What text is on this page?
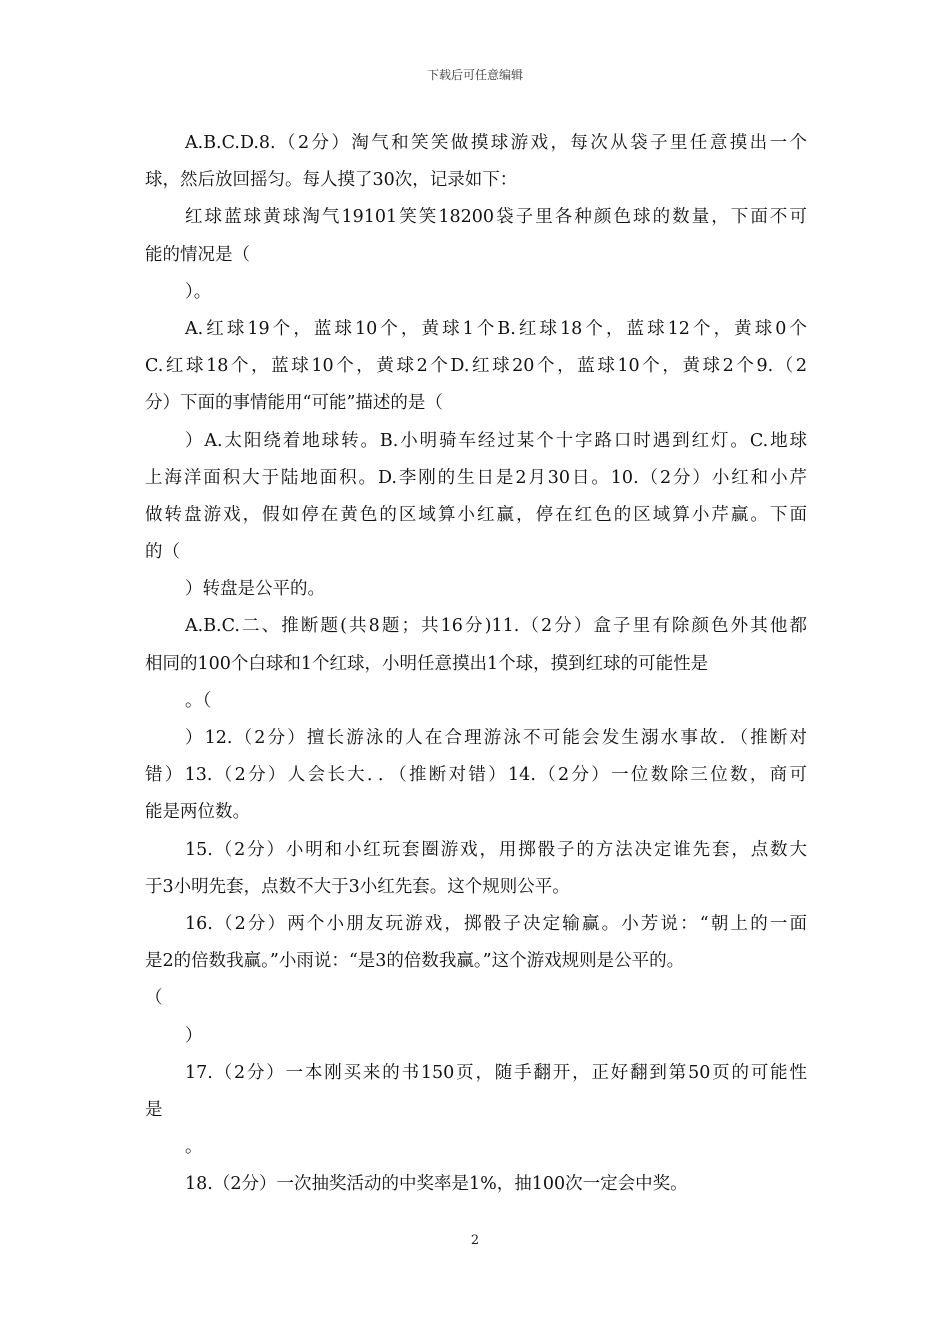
下载后可任意编辑
A.B.C.D.8.（2分）淘气和笑笑做摸球游戏，每次从袋子里任意摸出一个
球，然后放回摇匀。每人摸了30次，记录如下：
红球蓝球黄球淘气19101笑笑18200袋子里各种颜色球的数量，下面不可
能的情况是（
）。
A.红球19个，蓝球10个，黄球1个B.红球18个，蓝球12个，黄球0个
C.红球18个，蓝球10个，黄球2个D.红球20个，蓝球10个，黄球2个9.（2
分）下面的事情能用“可能”描述的是（
）A.太阳绕着地球转。B.小明骑车经过某个十字路口时遇到红灯。C.地球
上海洋面积大于陆地面积。D.李刚的生日是2月30日。10.（2分）小红和小芹
做转盘游戏，假如停在黄色的区域算小红赢，停在红色的区域算小芹赢。下面
的（
）转盘是公平的。
A.B.C.二、推断题(共8题；共16分)11.（2分）盒子里有除颜色外其他都
相同的100个白球和1个红球，小明任意摸出1个球，摸到红球的可能性是
。（
）12.（2分）擅长游泳的人在合理游泳不可能会发生溺水事故．（推断对
错）13.（2分）人会长大．．（推断对错）14.（2分）一位数除三位数，商可
能是两位数。
15.（2分）小明和小红玩套圈游戏，用掷骰子的方法决定谁先套，点数大
于3小明先套，点数不大于3小红先套。这个规则公平。
16.（2分）两个小朋友玩游戏，掷骰子决定输赢。小芳说：“朝上的一面
是2的倍数我赢。”小雨说：“是3的倍数我赢。”这个游戏规则是公平的。
（
）
17.（2分）一本刚买来的书150页，随手翻开，正好翻到第50页的可能性
是
。
18.（2分）一次抽奖活动的中奖率是1%，抽100次一定会中奖。
2
